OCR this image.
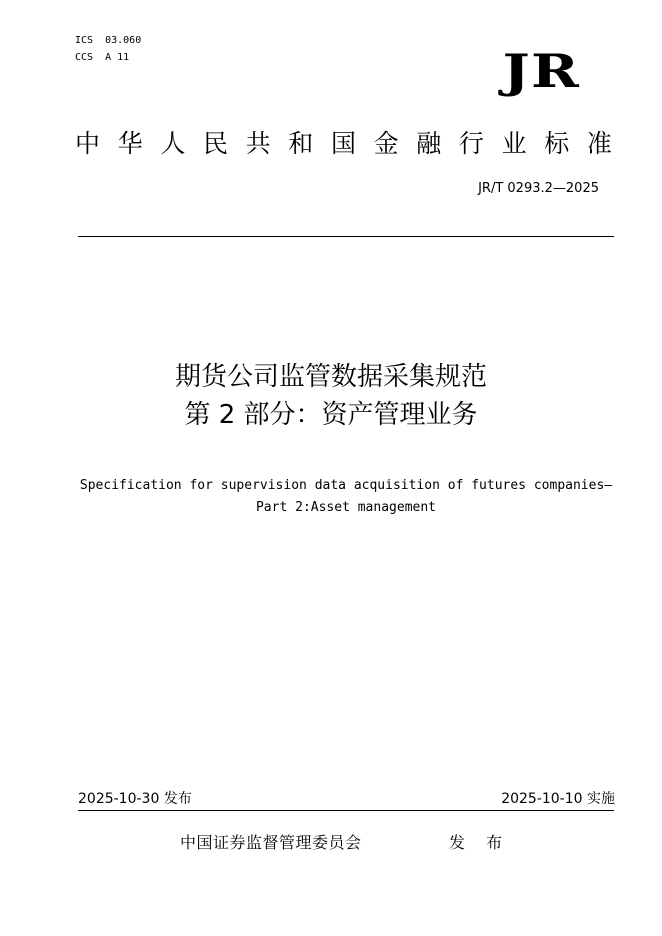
ICS  03.060
CCS  A 11	JR
中 华 人 民 共 和 国 金 融 行 业 标 准
JR/T 0293.2—2025
期货公司监管数据采集规范
第 2 部分：资产管理业务
Specification for supervision data acquisition of futures companies—
Part 2:Asset management
2025-10-30 发布	2025-10-10 实施
中国证券监督管理委员会	发 布
